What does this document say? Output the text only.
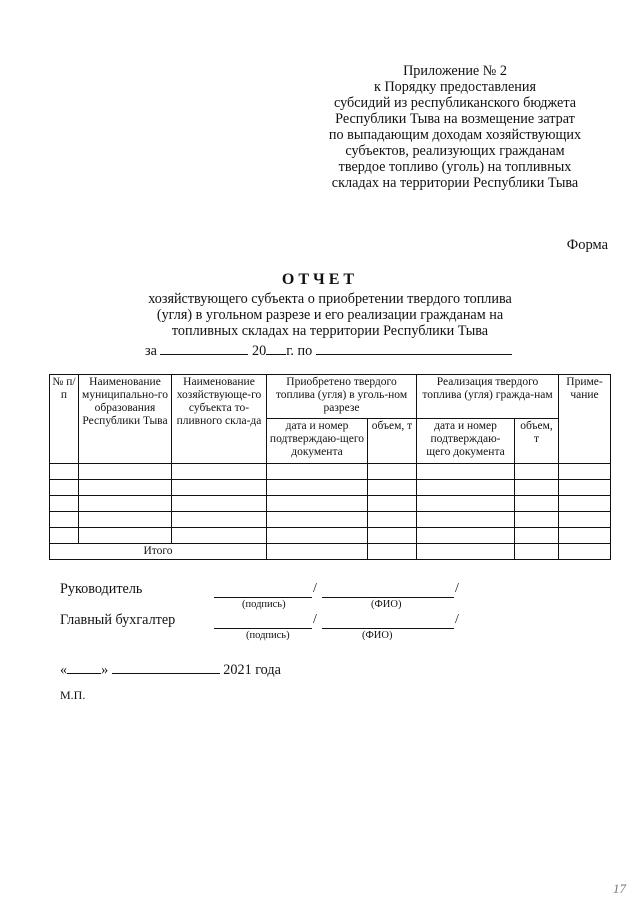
Приложение № 2
к Порядку предоставления
субсидий из республиканского бюджета
Республики Тыва на возмещение затрат
по выпадающим доходам хозяйствующих
субъектов, реализующих гражданам
твердое топливо (уголь) на топливных
складах на территории Республики Тыва
Форма
ОТЧЕТ
хозяйствующего субъекта о приобретении твердого топлива
(угля) в угольном разрезе и его реализации гражданам на
топливных складах на территории Республики Тыва
за	20 г. по
№ п/п	Наименование муниципально-го образования Республики Тыва	Наименование хозяйствующе-го субъекта то-пливного скла-да	Приобретено твердого топлива (угля) в уголь-ном разрезе		Реализация твердого топлива (угля) гражда-нам		Приме-чание
			дата и номер подтверждаю-щего документа	объем, т	дата и номер подтверждаю-щего документа	объем, т	

Итого							
Руководитель	/	/
(подпись)	(ФИО)
Главный бухгалтер	/	/
(подпись)	(ФИО)
« »	2021 года
М.П.
17
